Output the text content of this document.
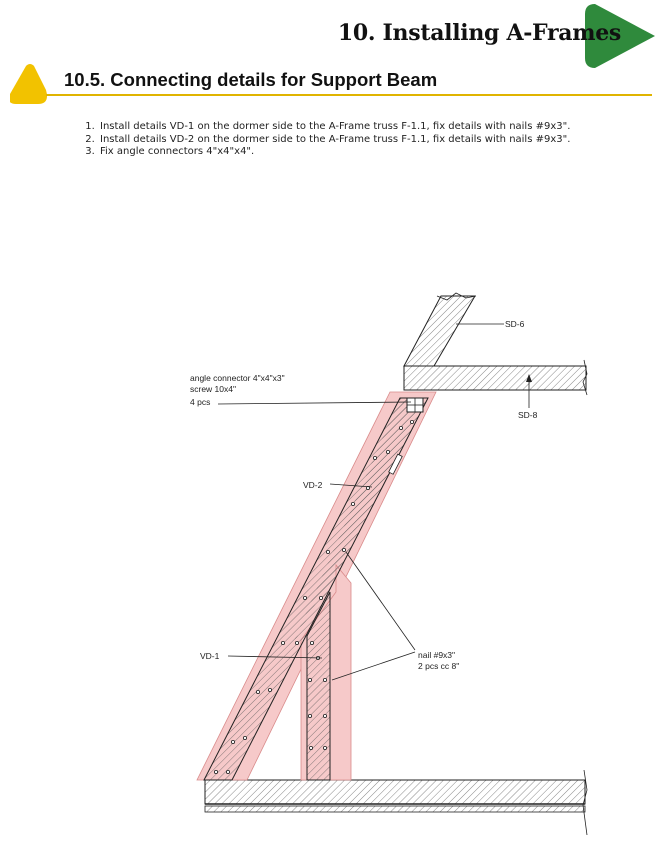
10. Installing A-Frames
10.5. Connecting details for Support Beam
1. Install details VD-1 on the dormer side to the A-Frame truss F-1.1, fix details with nails #9x3".
2. Install details VD-2 on the dormer side to the A-Frame truss F-1.1, fix details with nails #9x3".
3. Fix angle connectors 4"x4"x4".
SD-6
SD-8
angle connector 4"x4"x3"
screw 10x4"
4 pcs
VD-2
VD-1	nail #9x3"
2 pcs cc 8"
